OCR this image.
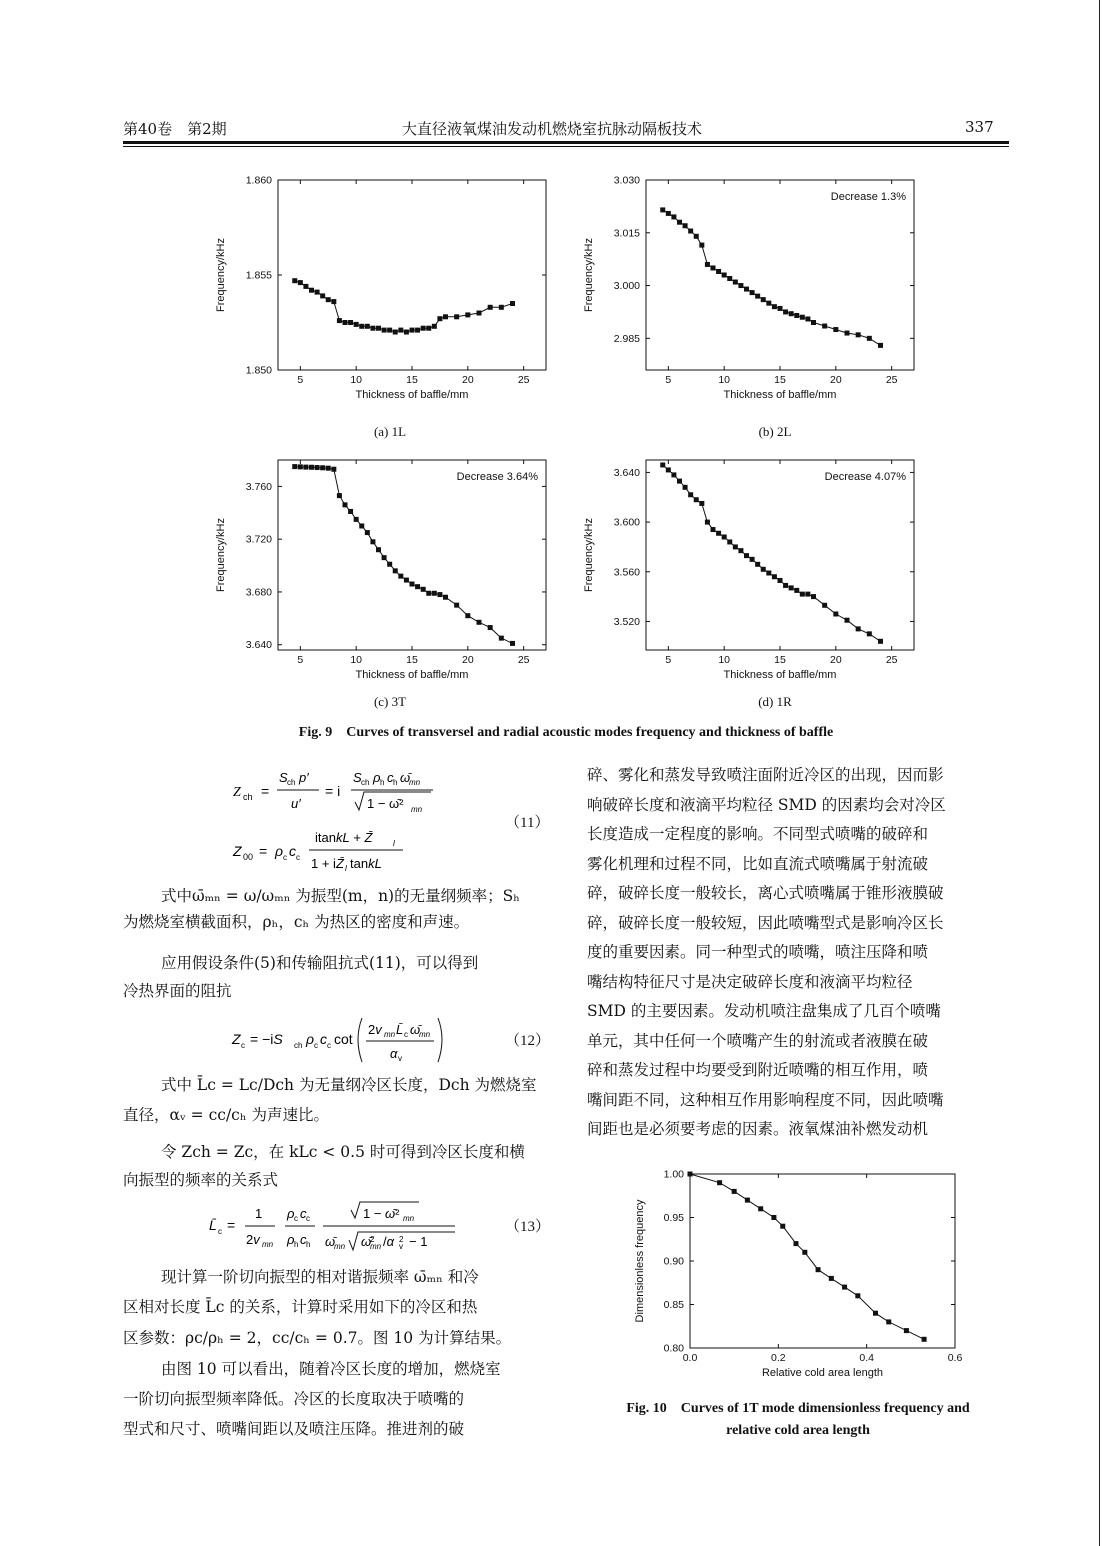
第40卷　第2期	大直径液氧煤油发动机燃烧室抗脉动隔板技术	337
5	10	15	20	25
1.860
1.855
1.850
Thickness of baffle/mm
Frequency/kHz
5	10	15	20	25
3.030
3.015
3.000
2.985
Thickness of baffle/mm
Frequency/kHz
Decrease 1.3%
(a) 1L	(b) 2L
5	10	15	20	25
3.760
3.720
3.680
3.640
Thickness of baffle/mm
Frequency/kHz
Decrease 3.64%
5	10	15	20	25
3.640
3.600
3.560
3.520
Thickness of baffle/mm
Frequency/kHz
Decrease 4.07%
(c) 3T	(d) 1R
Fig. 9　Curves of transversel and radial acoustic modes frequency and thickness of baffle
Z ch =
S ch p′
u′
= i
S ch ρ h c h ω̄
mn
1 − ω̄² mn
Z 00 = ρ c c c
itankL + Z̄	l
1 + iZ̄ l tankL
（11）
式中ω̄ₘₙ = ω/ωₘₙ 为振型(m，n)的无量纲频率；Sₕ
为燃烧室横截面积，ρₕ，cₕ 为热区的密度和声速。
应用假设条件(5)和传输阻抗式(11)，可以得到
冷热界面的阻抗
Z c = −iS ch ρ c c c cot
2v mn L̄ c ω̄
mn
α v
（12）
式中 L̄c = Lc/Dch 为无量纲冷区长度，Dch 为燃烧室
直径，αᵥ = cc/cₕ 为声速比。
令 Zch = Zc，在 kLc < 0.5 时可得到冷区长度和横
向振型的频率的关系式
L̄ c =
1
2v mn
ρ c c c
ρ h c h
1 − ω̄² mn
ω̄
mn ω̄
2
mn /α 2
v − 1
（13）
现计算一阶切向振型的相对谐振频率 ω̄ₘₙ 和冷
区相对长度 L̄c 的关系，计算时采用如下的冷区和热
区参数：ρc/ρₕ = 2，cc/cₕ = 0.7。图 10 为计算结果。
由图 10 可以看出，随着冷区长度的增加，燃烧室
一阶切向振型频率降低。冷区的长度取决于喷嘴的
型式和尺寸、喷嘴间距以及喷注压降。推进剂的破
碎、雾化和蒸发导致喷注面附近冷区的出现，因而影
响破碎长度和液滴平均粒径 SMD 的因素均会对冷区
长度造成一定程度的影响。不同型式喷嘴的破碎和
雾化机理和过程不同，比如直流式喷嘴属于射流破
碎，破碎长度一般较长，离心式喷嘴属于锥形液膜破
碎，破碎长度一般较短，因此喷嘴型式是影响冷区长
度的重要因素。同一种型式的喷嘴，喷注压降和喷
嘴结构特征尺寸是决定破碎长度和液滴平均粒径
SMD 的主要因素。发动机喷注盘集成了几百个喷嘴
单元，其中任何一个喷嘴产生的射流或者液膜在破
碎和蒸发过程中均要受到附近喷嘴的相互作用，喷
嘴间距不同，这种相互作用影响程度不同，因此喷嘴
间距也是必须要考虑的因素。液氧煤油补燃发动机
0.0	0.2	0.4	0.6
1.00
0.95
0.90
0.85
0.80
Relative cold area length
Dimensionless frequency
Fig. 10　Curves of 1T mode dimensionless frequency and
relative cold area length
